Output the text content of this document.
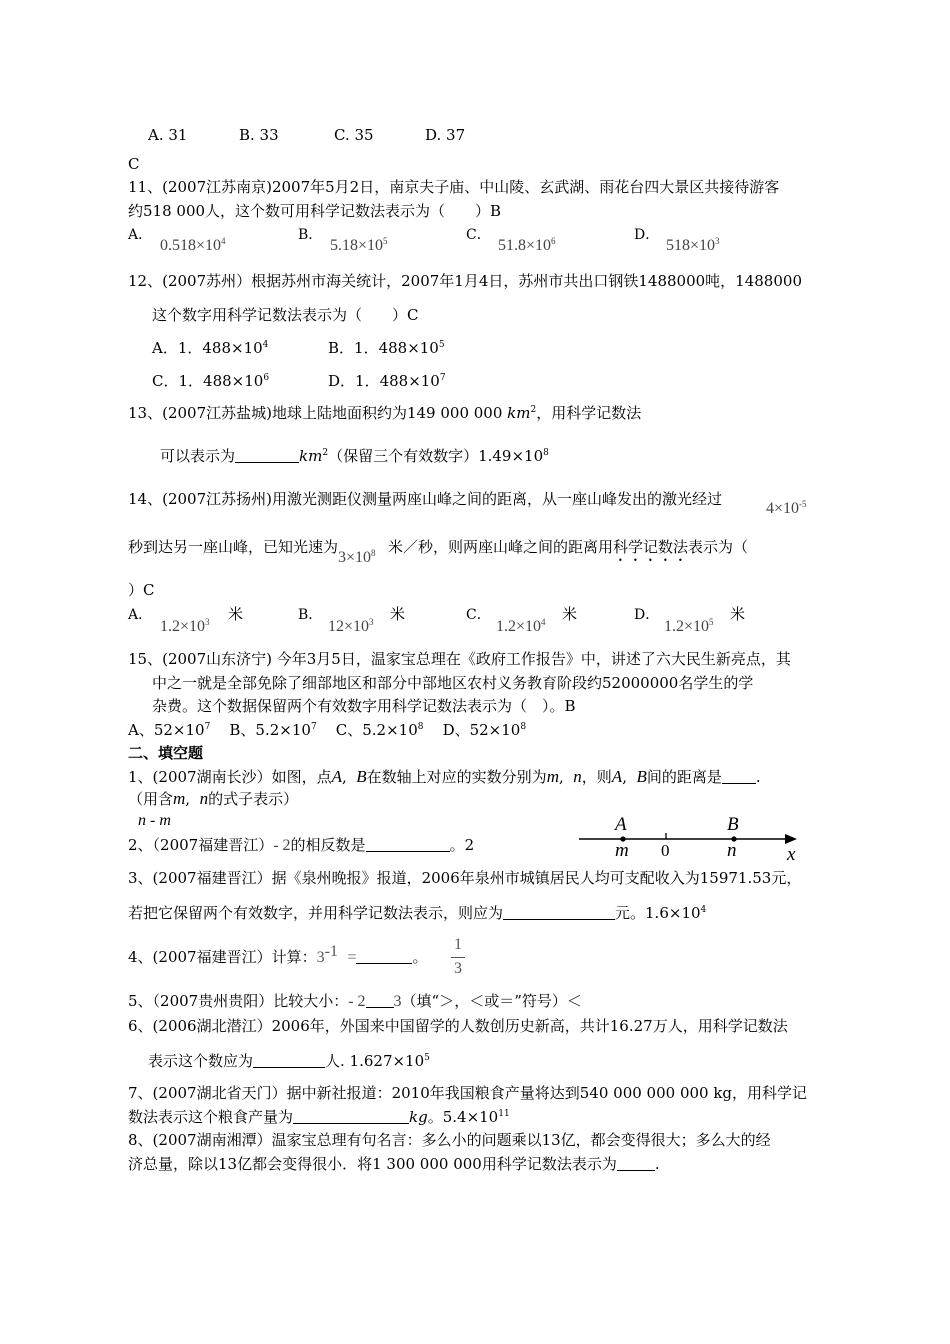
A. 31	B. 33	C. 35	D. 37
C
11、(2007江苏南京)2007年5月2日，南京夫子庙、中山陵、玄武湖、雨花台四大景区共接待游客
约518 000人，这个数可用科学记数法表示为（　　）B
A．
$0.518\times 10^4$	B．
$5.18\times 10^5$	C．
$51.8\times 10^6$	D．
$518\times 10^3$
12、(2007苏州）根据苏州市海关统计，2007年1月4日，苏州市共出口钢铁1488000吨，1488000
这个数字用科学记数法表示为（　　）C
A．1．$488\times 10^4$	B．1．$488\times 10^5$
C．1．$488\times 10^6$	D．1．$488\times 10^7$
13、(2007江苏盐城)地球上陆地面积约为149 000 000 $km^2$，用科学记数法
可以表示为	$km^2$（保留三个有效数字）$1.49\times 10^8$
14、(2007江苏扬州)用激光测距仪测量两座山峰之间的距离，从一座山峰发出的激光经过
$4\times 10^{-5}$
秒到达另一座山峰，已知光速为$3\times 10^8$ 米／秒，则两座山峰之间的距离用科学记数法表示为（
）C
A．
$1.2\times 10^3$ 米	B．
$12\times 10^3$ 米	C．
$1.2\times 10^4$ 米	D．
$1.2\times 10^5$ 米
15、(2007山东济宁) 今年3月5日，温家宝总理在《政府工作报告》中，讲述了六大民生新亮点，其
中之一就是全部免除了细部地区和部分中部地区农村义务教育阶段约52000000名学生的学
杂费。这个数据保留两个有效数字用科学记数法表示为（　）。B
A、$52\times 10^7$ B、$5.2\times 10^7$ C、$5.2\times 10^8$ D、$52\times 10^8$
二、填空题
1、(2007湖南长沙）如图，点A,  B在数轴上对应的实数分别为m,  n，则A,  B间的距离是 .
（用含m,  n的式子表示）
n - m	A	B
m 0	n	x
2、（2007福建晋江）- 2的相反数是	。2
3、(2007福建晋江）据《泉州晚报》报道，2006年泉州市城镇居民人均可支配收入为15971.53元，
若把它保留两个有效数字，并用科学记数法表示，则应为	元。$1.6\times 10^4$
4、(2007福建晋江）计算：$3^{-1}$ =	。
1
3
5、（2007贵州贵阳）比较大小：- 2 3（填“＞，＜或＝”符号）＜
6、(2006湖北潜江）2006年，外国来中国留学的人数创历史新高，共计16.27万人，用科学记数法
表示这个数应为	人. $1.627\times 10^5$
7、(2007湖北省天门）据中新社报道：2010年我国粮食产量将达到540 000 000 000 kg，用科学记
数法表示这个粮食产量为	kg。$5.4\times 10^{11}$
8、(2007湖南湘潭）温家宝总理有句名言：多么小的问题乘以13亿，都会变得很大；多么大的经
济总量，除以13亿都会变得很小．将1 300 000 000用科学记数法表示为	.
